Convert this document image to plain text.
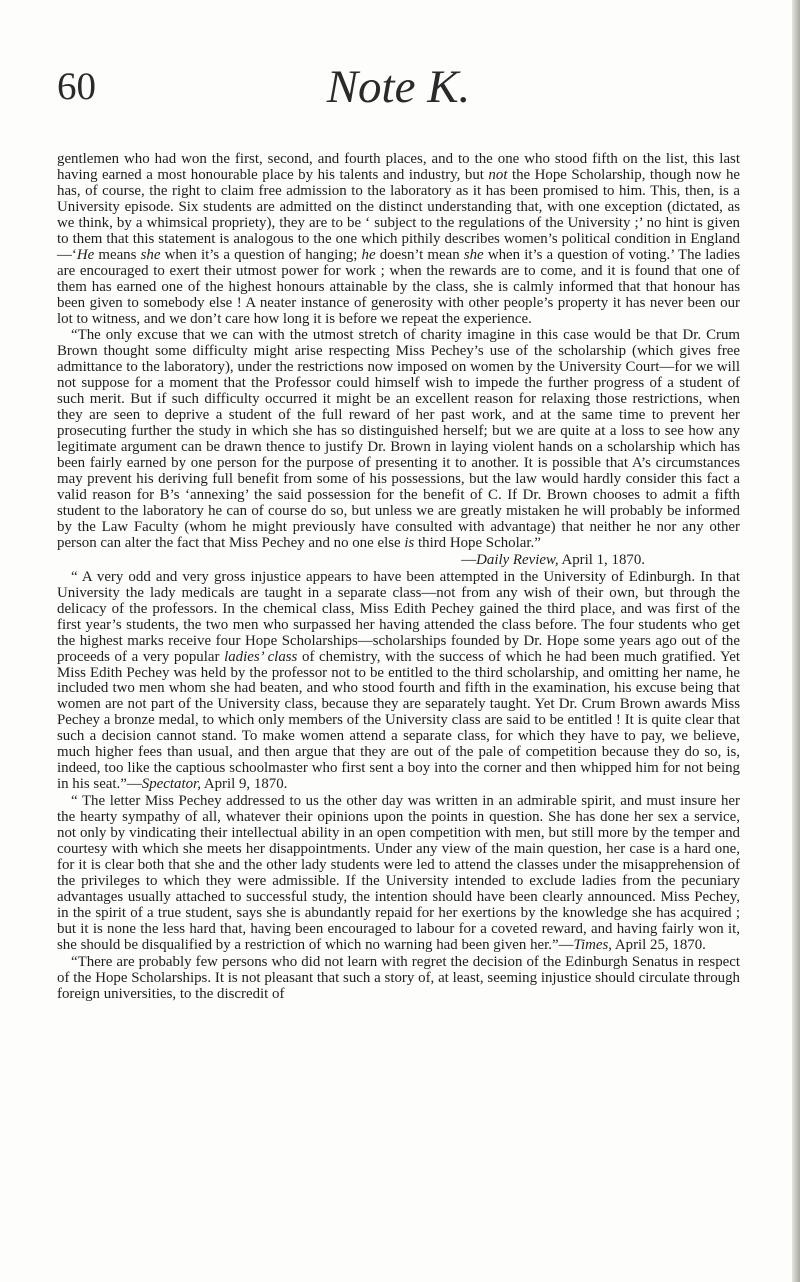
60	Note K.

gentlemen who had won the first, second, and fourth places, and to the one who stood fifth on the list, this last having earned a most honourable place by his talents and industry, but not the Hope Scholarship, though now he has, of course, the right to claim free admission to the laboratory as it has been promised to him. This, then, is a University episode. Six students are admitted on the distinct understanding that, with one exception (dictated, as we think, by a whimsical propriety), they are to be ‘ subject to the regulations of the University ;’ no hint is given to them that this statement is analogous to the one which pithily describes women’s political condition in England—‘He means she when it’s a question of hanging; he doesn’t mean she when it’s a question of voting.’ The ladies are encouraged to exert their utmost power for work ; when the rewards are to come, and it is found that one of them has earned one of the highest honours attainable by the class, she is calmly informed that that honour has been given to somebody else ! A neater instance of generosity with other people’s property it has never been our lot to witness, and we don’t care how long it is before we repeat the experience.

“The only excuse that we can with the utmost stretch of charity imagine in this case would be that Dr. Crum Brown thought some difficulty might arise respecting Miss Pechey’s use of the scholarship (which gives free admittance to the laboratory), under the restrictions now imposed on women by the University Court—for we will not suppose for a moment that the Professor could himself wish to impede the further progress of a student of such merit. But if such difficulty occurred it might be an excellent reason for relaxing those restrictions, when they are seen to deprive a student of the full reward of her past work, and at the same time to prevent her prosecuting further the study in which she has so distinguished herself; but we are quite at a loss to see how any legitimate argument can be drawn thence to justify Dr. Brown in laying violent hands on a scholarship which has been fairly earned by one person for the purpose of presenting it to another. It is possible that A’s circumstances may prevent his deriving full benefit from some of his possessions, but the law would hardly consider this fact a valid reason for B’s ‘annexing’ the said possession for the benefit of C. If Dr. Brown chooses to admit a fifth student to the laboratory he can of course do so, but unless we are greatly mistaken he will probably be informed by the Law Faculty (whom he might previously have consulted with advantage) that neither he nor any other person can alter the fact that Miss Pechey and no one else is third Hope Scholar.”

—Daily Review, April 1, 1870.

“ A very odd and very gross injustice appears to have been attempted in the University of Edinburgh. In that University the lady medicals are taught in a separate class—not from any wish of their own, but through the delicacy of the professors. In the chemical class, Miss Edith Pechey gained the third place, and was first of the first year’s students, the two men who surpassed her having attended the class before. The four students who get the highest marks receive four Hope Scholarships—scholarships founded by Dr. Hope some years ago out of the proceeds of a very popular ladies’ class of chemistry, with the success of which he had been much gratified. Yet Miss Edith Pechey was held by the professor not to be entitled to the third scholarship, and omitting her name, he included two men whom she had beaten, and who stood fourth and fifth in the examination, his excuse being that women are not part of the University class, because they are separately taught. Yet Dr. Crum Brown awards Miss Pechey a bronze medal, to which only members of the University class are said to be entitled ! It is quite clear that such a decision cannot stand. To make women attend a separate class, for which they have to pay, we believe, much higher fees than usual, and then argue that they are out of the pale of competition because they do so, is, indeed, too like the captious schoolmaster who first sent a boy into the corner and then whipped him for not being in his seat.”—Spectator, April 9, 1870.

“ The letter Miss Pechey addressed to us the other day was written in an admirable spirit, and must insure her the hearty sympathy of all, whatever their opinions upon the points in question. She has done her sex a service, not only by vindicating their intellectual ability in an open competition with men, but still more by the temper and courtesy with which she meets her disappointments. Under any view of the main question, her case is a hard one, for it is clear both that she and the other lady students were led to attend the classes under the misapprehension of the privileges to which they were admissible. If the University intended to exclude ladies from the pecuniary advantages usually attached to successful study, the intention should have been clearly announced. Miss Pechey, in the spirit of a true student, says she is abundantly repaid for her exertions by the knowledge she has acquired ; but it is none the less hard that, having been encouraged to labour for a coveted reward, and having fairly won it, she should be disqualified by a restriction of which no warning had been given her.”—Times, April 25, 1870.

“There are probably few persons who did not learn with regret the decision of the Edinburgh Senatus in respect of the Hope Scholarships. It is not pleasant that such a story of, at least, seeming injustice should circulate through foreign universities, to the discredit of
